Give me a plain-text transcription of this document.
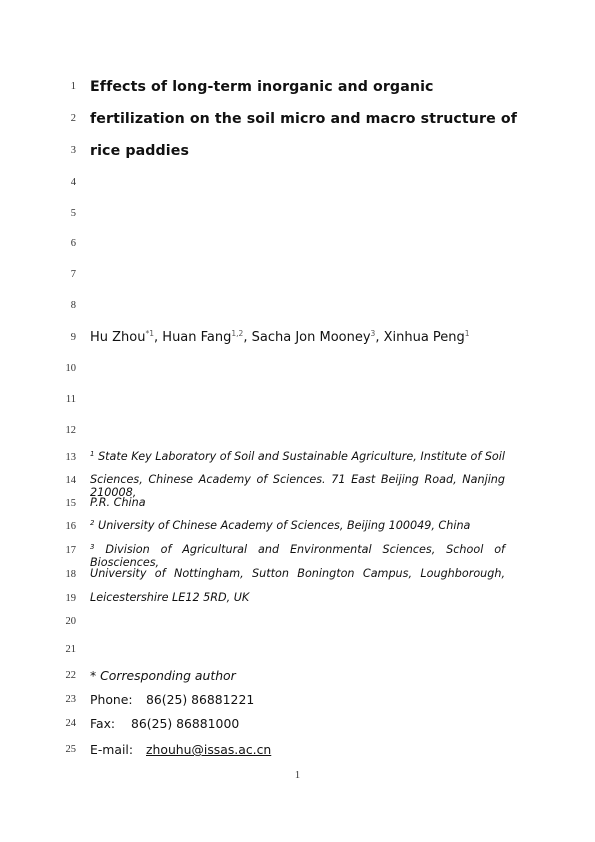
1
2
3
4
5
6
7
8
9
10
11
12
13
14
15
16
17
18
19
20
21
22
23
24
25
Effects of long-term inorganic and organic
fertilization on the soil micro and macro structure of
rice paddies
Hu Zhou$^{*1}$, Huan Fang$^{1,2}$, Sacha Jon Mooney$^3$, Xinhua Peng$^1$
$^1$ State Key Laboratory of Soil and Sustainable Agriculture, Institute of Soil
Sciences, Chinese Academy of Sciences. 71 East Beijing Road, Nanjing 210008,
P.R. China
$^2$ University of Chinese Academy of Sciences, Beijing 100049, China
$^3$ Division of Agricultural and Environmental Sciences, School of Biosciences,
University of Nottingham, Sutton Bonington Campus, Loughborough,
Leicestershire LE12 5RD, UK
* Corresponding author
Phone: 86(25) 86881221
Fax: 86(25) 86881000
E-mail: zhouhu@issas.ac.cn
1
